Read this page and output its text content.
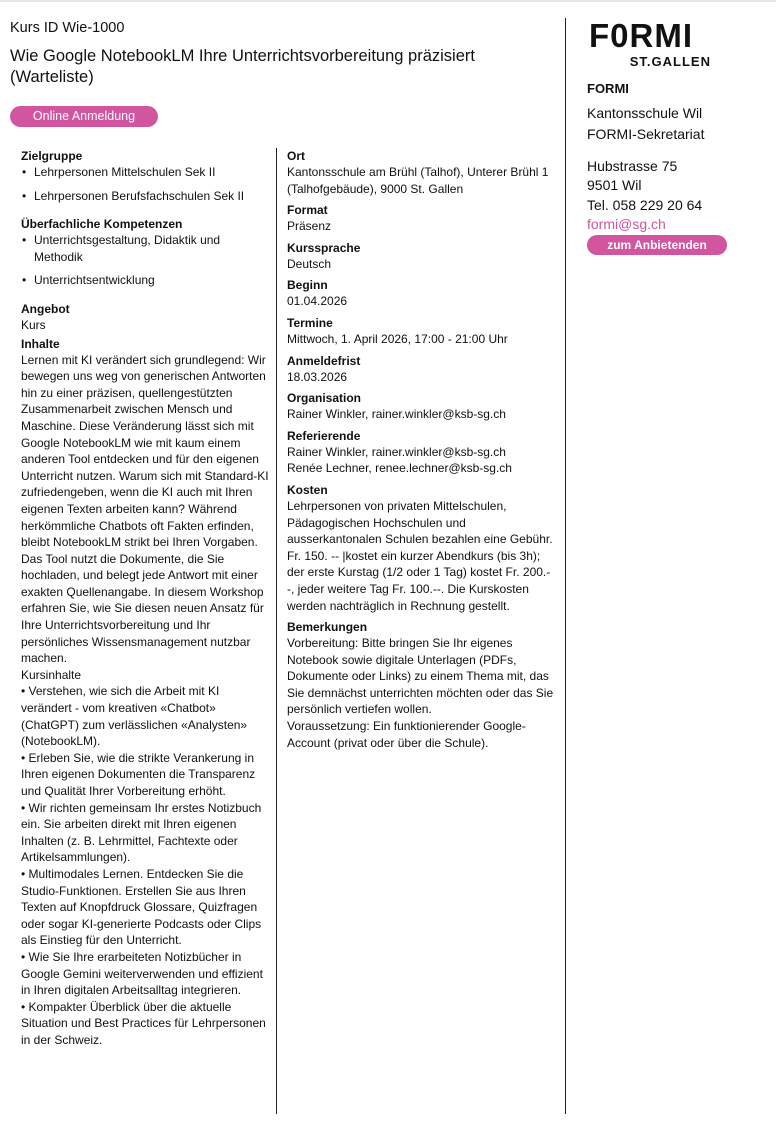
Kurs ID Wie-1000
Wie Google NotebookLM Ihre Unterrichtsvorbereitung präzisiert (Warteliste)
Online Anmeldung
Zielgruppe
• Lehrpersonen Mittelschulen Sek II
• Lehrpersonen Berufsfachschulen Sek II
Überfachliche Kompetenzen
• Unterrichtsgestaltung, Didaktik und Methodik
• Unterrichtsentwicklung
Angebot
Kurs
Inhalte
Lernen mit KI verändert sich grundlegend: Wir bewegen uns weg von generischen Antworten hin zu einer präzisen, quellengestützten Zusammenarbeit zwischen Mensch und Maschine. Diese Veränderung lässt sich mit Google NotebookLM wie mit kaum einem anderen Tool entdecken und für den eigenen Unterricht nutzen. Warum sich mit Standard-KI zufriedengeben, wenn die KI auch mit Ihren eigenen Texten arbeiten kann? Während herkömmliche Chatbots oft Fakten erfinden, bleibt NotebookLM strikt bei Ihren Vorgaben. Das Tool nutzt die Dokumente, die Sie hochladen, und belegt jede Antwort mit einer exakten Quellenangabe. In diesem Workshop erfahren Sie, wie Sie diesen neuen Ansatz für Ihre Unterrichtsvorbereitung und Ihr persönliches Wissensmanagement nutzbar machen.
Kursinhalte
• Verstehen, wie sich die Arbeit mit KI verändert - vom kreativen «Chatbot» (ChatGPT) zum verlässlichen «Analysten» (NotebookLM).
• Erleben Sie, wie die strikte Verankerung in Ihren eigenen Dokumenten die Transparenz und Qualität Ihrer Vorbereitung erhöht.
• Wir richten gemeinsam Ihr erstes Notizbuch ein. Sie arbeiten direkt mit Ihren eigenen Inhalten (z. B. Lehrmittel, Fachtexte oder Artikelsammlungen).
• Multimodales Lernen. Entdecken Sie die Studio-Funktionen. Erstellen Sie aus Ihren Texten auf Knopfdruck Glossare, Quizfragen oder sogar KI-generierte Podcasts oder Clips als Einstieg für den Unterricht.
• Wie Sie Ihre erarbeiteten Notizbücher in Google Gemini weiterverwenden und effizient in Ihren digitalen Arbeitsalltag integrieren.
• Kompakter Überblick über die aktuelle Situation und Best Practices für Lehrpersonen in der Schweiz.
Ort
Kantonsschule am Brühl (Talhof), Unterer Brühl 1 (Talhofgebäude), 9000 St. Gallen
Format
Präsenz
Kurssprache
Deutsch
Beginn
01.04.2026
Termine
Mittwoch, 1. April 2026, 17:00 - 21:00 Uhr
Anmeldefrist
18.03.2026
Organisation
Rainer Winkler, rainer.winkler@ksb-sg.ch
Referierende
Rainer Winkler, rainer.winkler@ksb-sg.ch
Renée Lechner, renee.lechner@ksb-sg.ch
Kosten
Lehrpersonen von privaten Mittelschulen, Pädagogischen Hochschulen und ausserkantonalen Schulen bezahlen eine Gebühr. Fr. 150. -- |kostet ein kurzer Abendkurs (bis 3h); der erste Kurstag (1/2 oder 1 Tag) kostet Fr. 200.--, jeder weitere Tag Fr. 100.--. Die Kurskosten werden nachträglich in Rechnung gestellt.
Bemerkungen
Vorbereitung: Bitte bringen Sie Ihr eigenes Notebook sowie digitale Unterlagen (PDFs, Dokumente oder Links) zu einem Thema mit, das Sie demnächst unterrichten möchten oder das Sie persönlich vertiefen wollen.
Voraussetzung: Ein funktionierender Google-Account (privat oder über die Schule).
F0RMI
ST.GALLEN
FORMI
Kantonsschule Wil
FORMI-Sekretariat
Hubstrasse 75
9501 Wil
Tel. 058 229 20 64
formi@sg.ch
zum Anbietenden
